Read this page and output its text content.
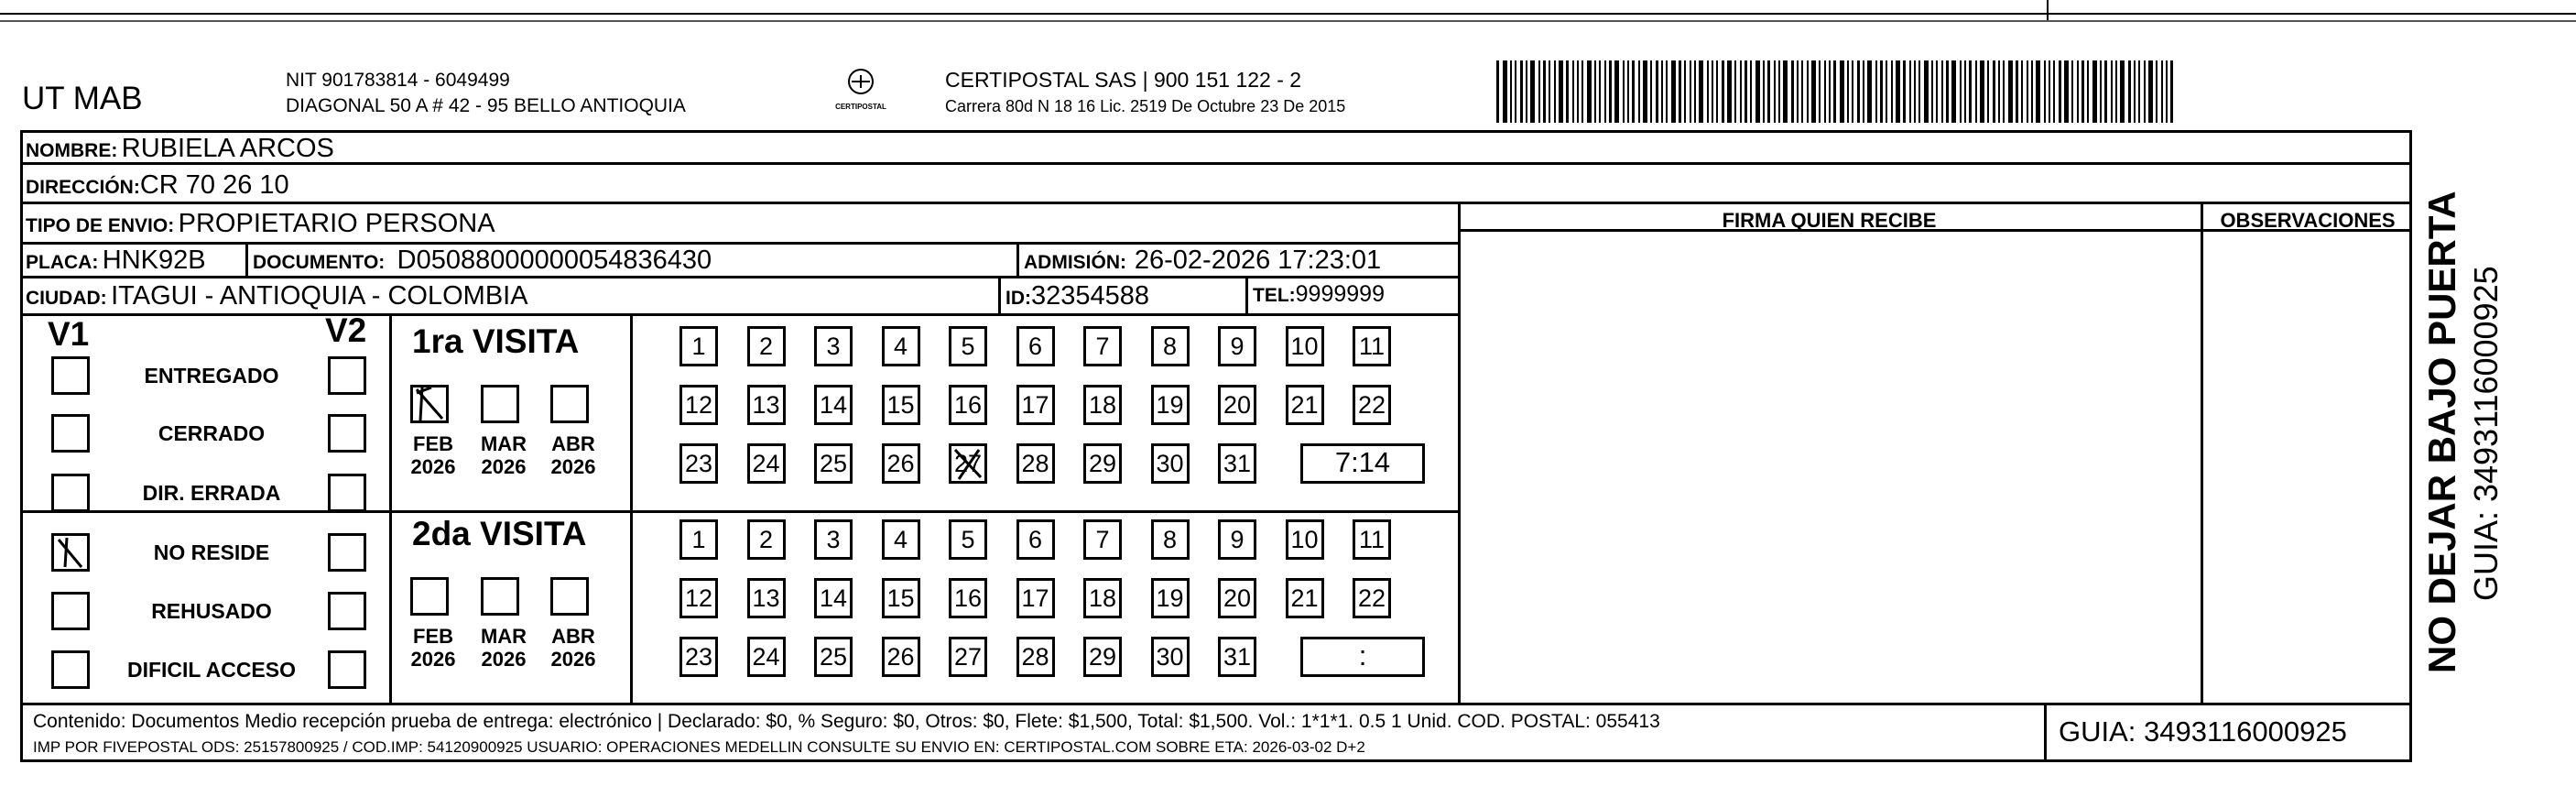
UT MAB
NIT 901783814 - 6049499
DIAGONAL 50 A # 42 - 95 BELLO ANTIOQUIA	CERTIPOSTAL
CERTIPOSTAL SAS | 900 151 122 - 2
Carrera 80d N 18 16 Lic. 2519 De Octubre 23 De 2015
NOMBRE: RUBIELA ARCOS
DIRECCIÓN:CR 70 26 10
TIPO DE ENVIO: PROPIETARIO PERSONA
PLACA: HNK92B DOCUMENTO: D05088000000054836430	ADMISIÓN: 26-02-2026 17:23:01
CIUDAD: ITAGUI - ANTIOQUIA - COLOMBIA	ID:32354588	TEL:9999999
FIRMA QUIEN RECIBE	OBSERVACIONES
V1	V2
ENTREGADO
CERRADO
DIR. ERRADA
NO RESIDE
REHUSADO
DIFICIL ACCESO
1ra VISITA
2da VISITA
FEB
2026
MAR
2026
ABR
2026
1	2	3	4	5	6	7	8	9	10 11
12 13 14 15 16 17 18 19 20 21 22
23 24 25 26 27 28 29 30 31	7:14
FEB
2026
MAR
2026
ABR
2026
1	2	3	4	5	6	7	8	9	10 11
12 13 14 15 16 17 18 19 20 21 22
23 24 25 26 27 28 29 30 31	:
Contenido: Documentos Medio recepción prueba de entrega: electrónico | Declarado: $0, % Seguro: $0, Otros: $0, Flete: $1,500, Total: $1,500. Vol.: 1*1*1. 0.5 1 Unid. COD. POSTAL: 055413
IMP POR FIVEPOSTAL ODS: 25157800925 / COD.IMP: 54120900925 USUARIO: OPERACIONES MEDELLIN CONSULTE SU ENVIO EN: CERTIPOSTAL.COM SOBRE ETA: 2026-03-02 D+2	GUIA: 3493116000925
NO DEJAR BAJO PUERTA GUIA: 3493116000925
